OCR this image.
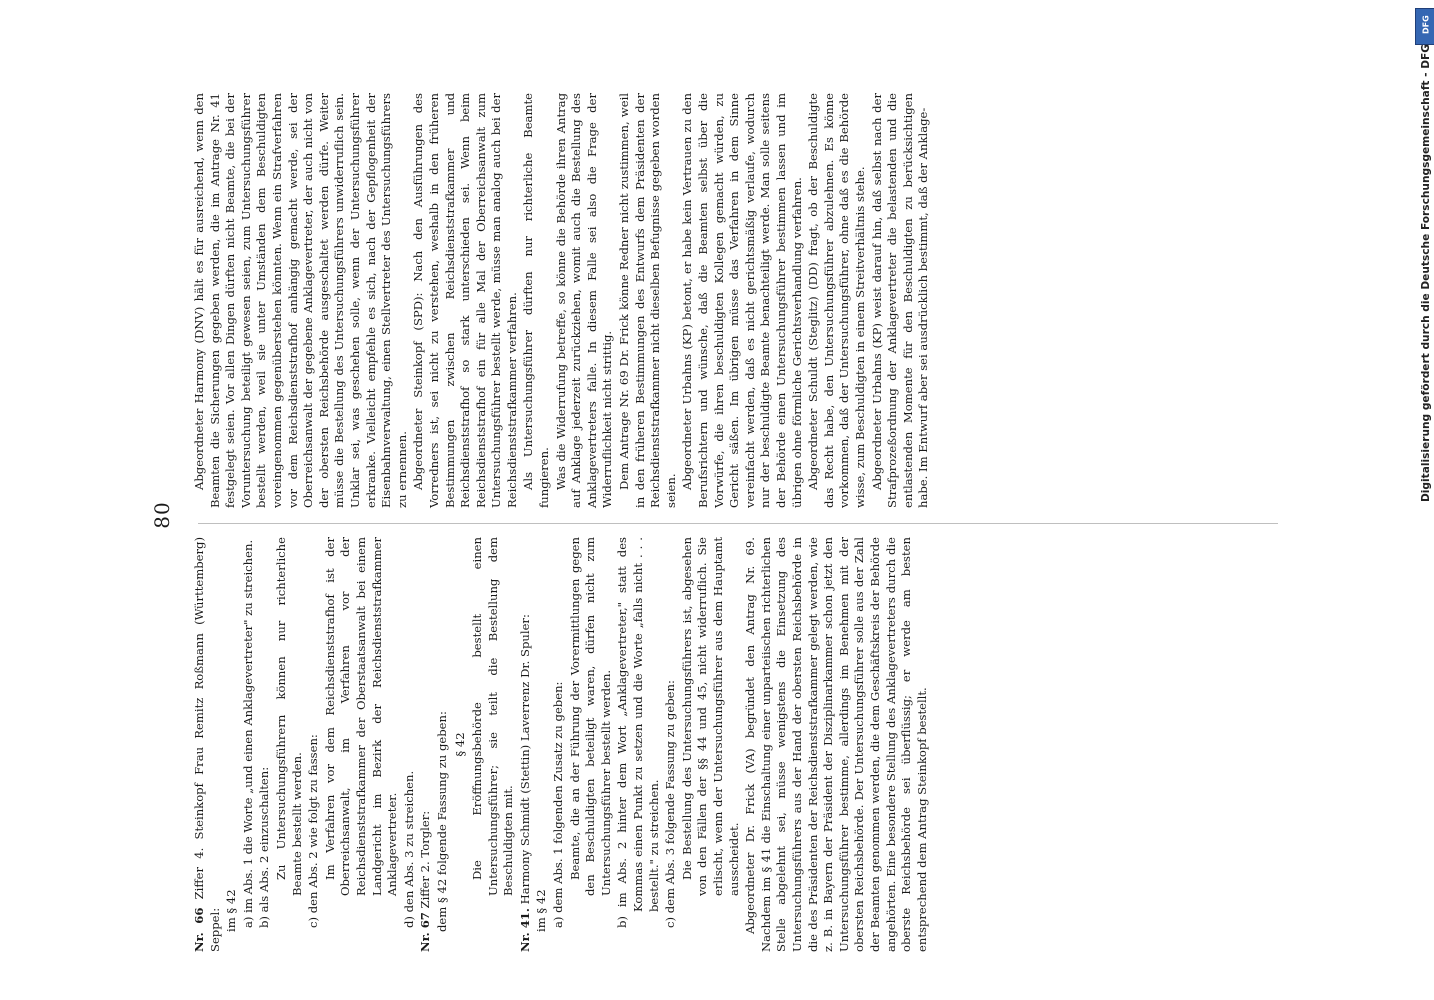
80

Nr. 66 Ziffer 4. Steinkopf Frau Remitz Roßmann (Württemberg) Seppel: im § 42 a) im Abs. 1 die Worte „und einen Anklagevertreter" zu streichen. b) als Abs. 2 einzuschalten: Zu Untersuchungsführern können nur richterliche Beamte bestellt werden. c) den Abs. 2 wie folgt zu fassen: Im Verfahren vor dem Reichsdienststrafhof ist der Oberreichsanwalt, im Verfahren vor der Reichsdienststrafkammer der Oberstaatsanwalt bei einem Landgericht im Bezirk der Reichsdienststrafkammer Anklagevertreter. d) den Abs. 3 zu streichen.

Nr. 67 Ziffer 2. Torgler: dem § 42 folgende Fassung zu geben: § 42 Die Eröffnungsbehörde bestellt einen Untersuchungsführer; sie teilt die Bestellung dem Beschuldigten mit.

Nr. 41. Harmony Schmidt (Stettin) Laverrenz Dr. Spuler:

im § 42 a) dem Abs. 1 folgenden Zusatz zu geben: Beamte, die an der Führung der Vorermittlungen gegen den Beschuldigten beteiligt waren, dürfen nicht zum Untersuchungsführer bestellt werden. b) im Abs. 2 hinter dem Wort „Anklagevertreter," statt des Kommas einen Punkt zu setzen und die Worte „falls nicht . . . bestellt." zu streichen. c) dem Abs. 3 folgende Fassung zu geben: Die Bestellung des Untersuchungsführers ist, abgesehen von den Fällen der §§ 44 und 45, nicht widerruflich. Sie erlischt, wenn der Untersuchungsführer aus dem Hauptamt ausscheidet. Abgeordneter Dr. Frick (VA) begründet den Antrag Nr. 69. Nachdem im § 41 die Einschaltung einer unparteiischen richterlichen Stelle abgelehnt sei, müsse wenigstens die Einsetzung des Untersuchungsführers aus der Hand der obersten Reichsbehörde in die des Präsidenten der Reichsdienststrafkammer gelegt werden, wie z. B. in Bayern der Präsident der Disziplinarkammer schon jetzt den Untersuchungsführer bestimme, allerdings im Benehmen mit der obersten Reichsbehörde. Der Untersuchungsführer solle aus der Zahl der Beamten genommen werden, die dem Geschäftskreis der Behörde angehörten. Eine besondere Stellung des Anklagevertreters durch die oberste Reichsbehörde sei überflüssig; er werde am besten entsprechend dem Antrag Steinkopf bestellt.

Abgeordneter Harmony (DNV) hält es für ausreichend, wenn den Beamten die Sicherungen gegeben werden, die im Antrage Nr. 41 festgelegt seien. Vor allen Dingen dürften nicht Beamte, die bei der Voruntersuchung beteiligt gewesen seien, zum Untersuchungsführer bestellt werden, weil sie unter Umständen dem Beschuldigten voreingenommen gegenüberstehen könnten. Wenn ein Strafverfahren vor dem Reichsdienststrafhof anhängig gemacht werde, sei der Oberreichsanwalt der gegebene Anklagevertreter, der auch nicht von der obersten Reichsbehörde ausgeschaltet werden dürfe. Weiter müsse die Bestellung des Untersuchungsführers unwiderruflich sein. Unklar sei, was geschehen solle, wenn der Untersuchungsführer erkranke. Vielleicht empfehle es sich, nach der Gepflogenheit der Eisenbahnverwaltung, einen Stellvertreter des Untersuchungsführers zu ernennen. Abgeordneter Steinkopf (SPD): Nach den Ausführungen des Vorredners ist, sei nicht zu verstehen, weshalb in den früheren Bestimmungen zwischen Reichsdienststrafkammer und Reichsdienststrafhof so stark unterschieden sei. Wenn beim Reichsdienststrafhof ein für alle Mal der Oberreichsanwalt zum Untersuchungsführer bestellt werde, müsse man analog auch bei der Reichsdienststrafkammer verfahren. Als Untersuchungsführer dürften nur richterliche Beamte fungieren. Was die Widerrufung betreffe, so könne die Behörde ihren Antrag auf Anklage jederzeit zurückziehen, womit auch die Bestellung des Anklagevertreters falle. In diesem Falle sei also die Frage der Widerruflichkeit nicht strittig. Dem Antrage Nr. 69 Dr. Frick könne Redner nicht zustimmen, weil in den früheren Bestimmungen des Entwurfs dem Präsidenten der Reichsdienststrafkammer nicht dieselben Befugnisse gegeben worden seien.

Abgeordneter Urbahns (KP) betont, er habe kein Vertrauen zu den Berufsrichtern und wünsche, daß die Beamten selbst über die Vorwürfe, die ihren beschuldigten Kollegen gemacht würden, zu Gericht säßen. Im übrigen müsse das Verfahren in dem Sinne vereinfacht werden, daß es nicht gerichtsmäßig verlaufe, wodurch nur der beschuldigte Beamte benachteiligt werde. Man solle seitens der Behörde einen Untersuchungsführer bestimmen lassen und im übrigen ohne förmliche Gerichtsverhandlung verfahren. Abgeordneter Schuldt (Steglitz) (DD) fragt, ob der Beschuldigte das Recht habe, den Untersuchungsführer abzulehnen. Es könne vorkommen, daß der Untersuchungsführer, ohne daß es die Behörde wisse, zum Beschuldigten in einem Streitverhältnis stehe. Abgeordneter Urbahns (KP) weist darauf hin, daß selbst nach der Strafprozeßordnung der Anklagevertreter die belastenden und die entlastenden Momente für den Beschuldigten zu berücksichtigen habe. Im Entwurf aber sei ausdrücklich bestimmt, daß der Anklage-

DFG
Digitalisierung gefördert durch die Deutsche Forschungsgemeinschaft - DFG
